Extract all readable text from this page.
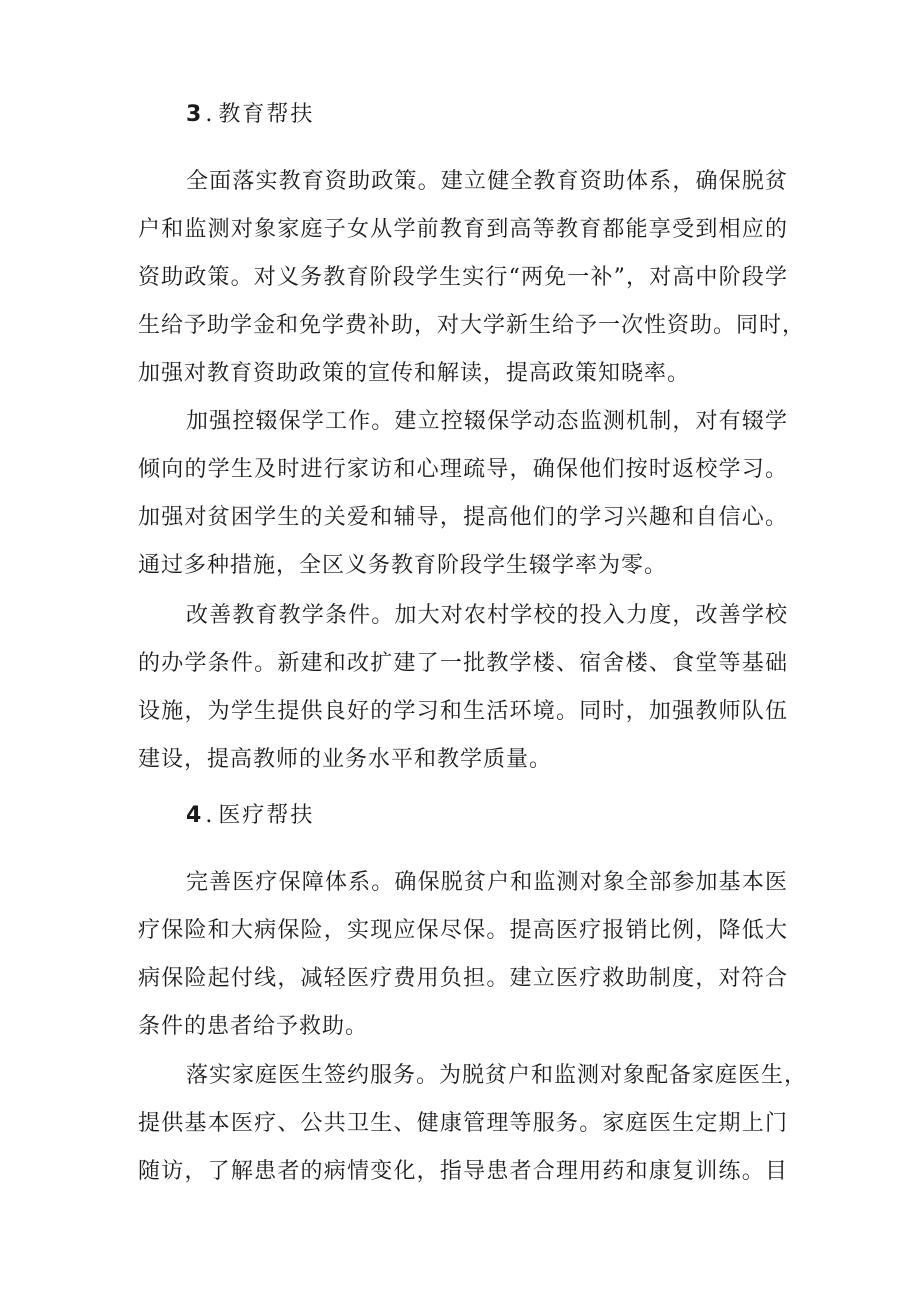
3 . 教育帮扶
全面落实教育资助政策。建立健全教育资助体系，确保脱贫
户和监测对象家庭子女从学前教育到高等教育都能享受到相应的
资助政策。对义务教育阶段学生实行“两免一补”，对高中阶段学
生给予助学金和免学费补助，对大学新生给予一次性资助。同时，
加强对教育资助政策的宣传和解读，提高政策知晓率。
加强控辍保学工作。建立控辍保学动态监测机制，对有辍学
倾向的学生及时进行家访和心理疏导，确保他们按时返校学习。
加强对贫困学生的关爱和辅导，提高他们的学习兴趣和自信心。
通过多种措施，全区义务教育阶段学生辍学率为零。
改善教育教学条件。加大对农村学校的投入力度，改善学校
的办学条件。新建和改扩建了一批教学楼、宿舍楼、食堂等基础
设施，为学生提供良好的学习和生活环境。同时，加强教师队伍
建设，提高教师的业务水平和教学质量。
4 . 医疗帮扶
完善医疗保障体系。确保脱贫户和监测对象全部参加基本医
疗保险和大病保险，实现应保尽保。提高医疗报销比例，降低大
病保险起付线，减轻医疗费用负担。建立医疗救助制度，对符合
条件的患者给予救助。
落实家庭医生签约服务。为脱贫户和监测对象配备家庭医生，
提供基本医疗、公共卫生、健康管理等服务。家庭医生定期上门
随访，了解患者的病情变化，指导患者合理用药和康复训练。目
